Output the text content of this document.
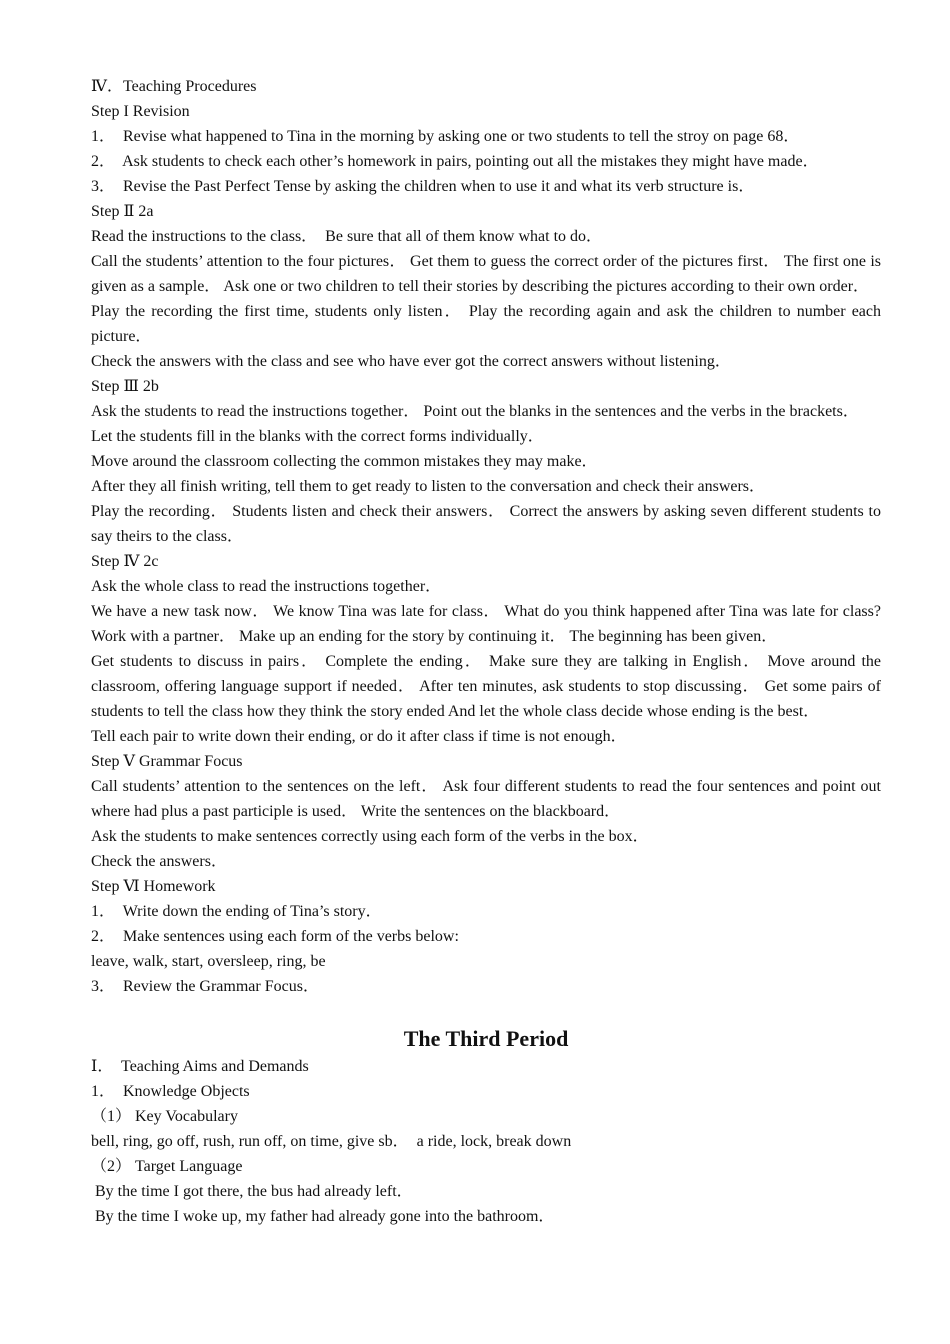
Ⅳ．Teaching Procedures

Step I Revision

1．  Revise what happened to Tina in the morning by asking one or two students to tell the stroy on page 68．

2．  Ask students to check each other’s homework in pairs, pointing out all the mistakes they might have made．

3．  Revise the Past Perfect Tense by asking the children when to use it and what its verb structure is．

Step Ⅱ 2a

Read the instructions to the class．  Be sure that all of them know what to do．

Call the students’ attention to the four pictures． Get them to guess the correct order of the pictures first． The first one is given as a sample． Ask one or two children to tell their stories by describing the pictures according to their own order．

Play the recording the first time, students only listen． Play the recording again and ask the children to number each picture．

Check the answers with the class and see who have ever got the correct answers without listening．

Step Ⅲ 2b

Ask the students to read the instructions together． Point out the blanks in the sentences and the verbs in the brackets．

Let the students fill in the blanks with the correct forms individually．

Move around the classroom collecting the common mistakes they may make．

After they all finish writing, tell them to get ready to listen to the conversation and check their answers．

Play the recording． Students listen and check their answers． Correct the answers by asking seven different students to say theirs to the class．

Step Ⅳ 2c

Ask the whole class to read the instructions together．

We have a new task now． We know Tina was late for class． What do you think happened after Tina was late for class?Work with a partner． Make up an ending for the story by continuing it． The beginning has been given．

Get students to discuss in pairs． Complete the ending． Make sure they are talking in English． Move around the classroom, offering language support if needed． After ten minutes, ask students to stop discussing． Get some pairs of students to tell the class how they think the story ended And let the whole class decide whose ending is the best．

Tell each pair to write down their ending, or do it after class if time is not enough．

Step Ⅴ Grammar Focus

Call students’ attention to the sentences on the left． Ask four different students to read the four sentences and point out where had plus a past participle is used． Write the sentences on the blackboard．

Ask the students to make sentences correctly using each form of the verbs in the box．

Check the answers．

Step Ⅵ Homework

1．  Write down the ending of Tina’s story．

2．  Make sentences using each form of the verbs below:

leave, walk, start, oversleep, ring, be

3．  Review the Grammar Focus．

The Third Period

Ⅰ．  Teaching Aims and Demands

1．  Knowledge Objects

（1） Key Vocabulary

bell, ring, go off, rush, run off, on time, give sb．  a ride, lock, break down

（2） Target Language

By the time I got there, the bus had already left．

By the time I woke up, my father had already gone into the bathroom．
